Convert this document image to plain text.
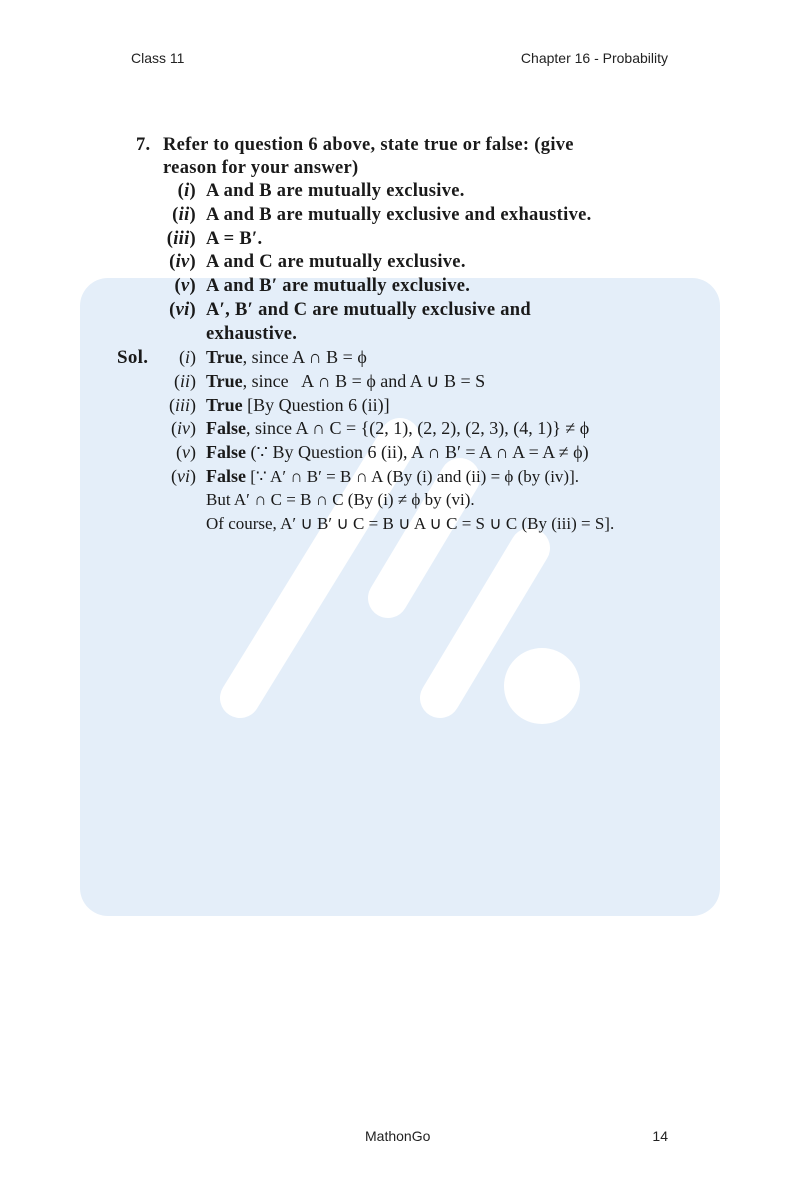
Class 11	Chapter 16 - Probability
7. Refer to question 6 above, state true or false: (give
reason for your answer)
(i) A and B are mutually exclusive.
(ii) A and B are mutually exclusive and exhaustive.
(iii) A = B′.
(iv) A and C are mutually exclusive.
(v) A and B′ are mutually exclusive.
(vi) A′, B′ and C are mutually exclusive and
exhaustive.
Sol. (i) True, since A ∩ B = ϕ
(ii) True, since   A ∩ B = ϕ and A ∪ B = S
(iii) True [By Question 6 (ii)]
(iv) False, since A ∩ C = {(2, 1), (2, 2), (2, 3), (4, 1)} ≠ ϕ
(v) False (∵ By Question 6 (ii), A ∩ B′ = A ∩ A = A ≠ ϕ)
(vi) False [∵ A′ ∩ B′ = B ∩ A (By (i) and (ii) = ϕ (by (iv)].
But A′ ∩ C = B ∩ C (By (i) ≠ ϕ by (vi).
Of course, A′ ∪ B′ ∪ C = B ∪ A ∪ C = S ∪ C (By (iii) = S].
MathonGo	14
